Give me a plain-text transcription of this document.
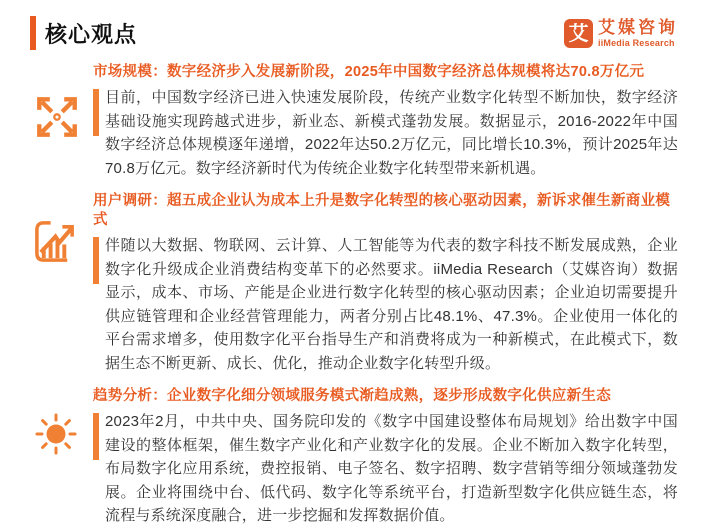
核心观点	艾 艾媒咨询
iiMedia Research
市场规模：数字经济步入发展新阶段，2025年中国数字经济总体规模将达70.8万亿元
目前，中国数字经济已进入快速发展阶段，传统产业数字化转型不断加快，数字经济基础设施实现跨越式进步，新业态、新模式蓬勃发展。数据显示，2016-2022年中国数字经济总体规模逐年递增，2022年达50.2万亿元，同比增长10.3%，预计2025年达70.8万亿元。数字经济新时代为传统企业数字化转型带来新机遇。
用户调研：超五成企业认为成本上升是数字化转型的核心驱动因素，新诉求催生新商业模式
伴随以大数据、物联网、云计算、人工智能等为代表的数字科技不断发展成熟，企业数字化升级成企业消费结构变革下的必然要求。iiMedia Research（艾媒咨询）数据显示，成本、市场、产能是企业进行数字化转型的核心驱动因素；企业迫切需要提升供应链管理和企业经营管理能力，两者分别占比48.1%、47.3%。企业使用一体化的平台需求增多，使用数字化平台指导生产和消费将成为一种新模式，在此模式下，数据生态不断更新、成长、优化，推动企业数字化转型升级。
趋势分析：企业数字化细分领域服务模式渐趋成熟，逐步形成数字化供应新生态
2023年2月，中共中央、国务院印发的《数字中国建设整体布局规划》给出数字中国建设的整体框架，催生数字产业化和产业数字化的发展。企业不断加入数字化转型，布局数字化应用系统，费控报销、电子签名、数字招聘、数字营销等细分领域蓬勃发展。企业将围绕中台、低代码、数字化等系统平台，打造新型数字化供应链生态，将流程与系统深度融合，进一步挖掘和发挥数据价值。
